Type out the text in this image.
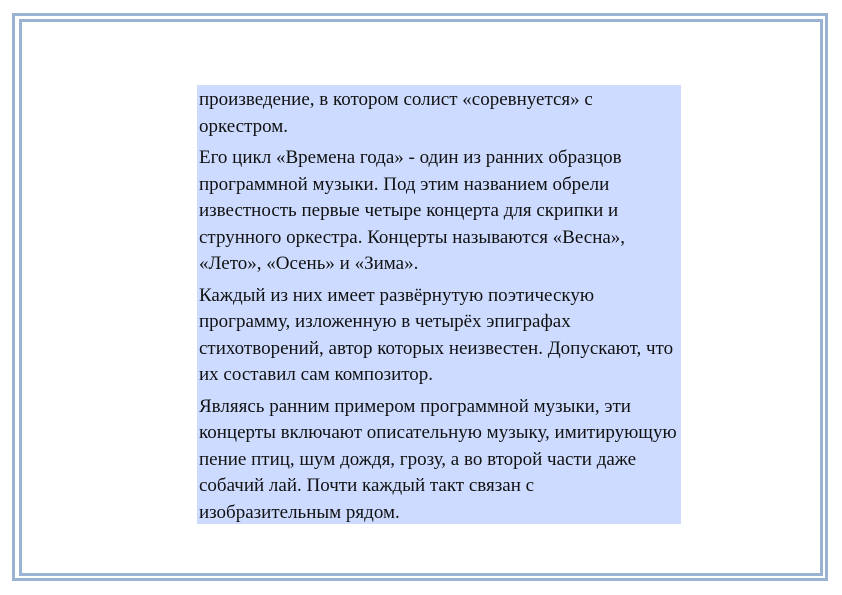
произведение, в котором солист «соревнуется» с оркестром.

Его цикл «Времена года» - один из ранних образцов программной музыки. Под этим названием обрели известность первые четыре концерта для скрипки и струнного оркестра. Концерты называются «Весна», «Лето», «Осень» и «Зима».

Каждый из них имеет развёрнутую поэтическую программу, изложенную в четырёх эпиграфах стихотворений, автор которых неизвестен. Допускают, что их составил сам композитор.

Являясь ранним примером программной музыки, эти концерты включают описательную музыку, имитирующую пение птиц, шум дождя, грозу, а во второй части даже собачий лай. Почти каждый такт связан с изобразительным рядом.
